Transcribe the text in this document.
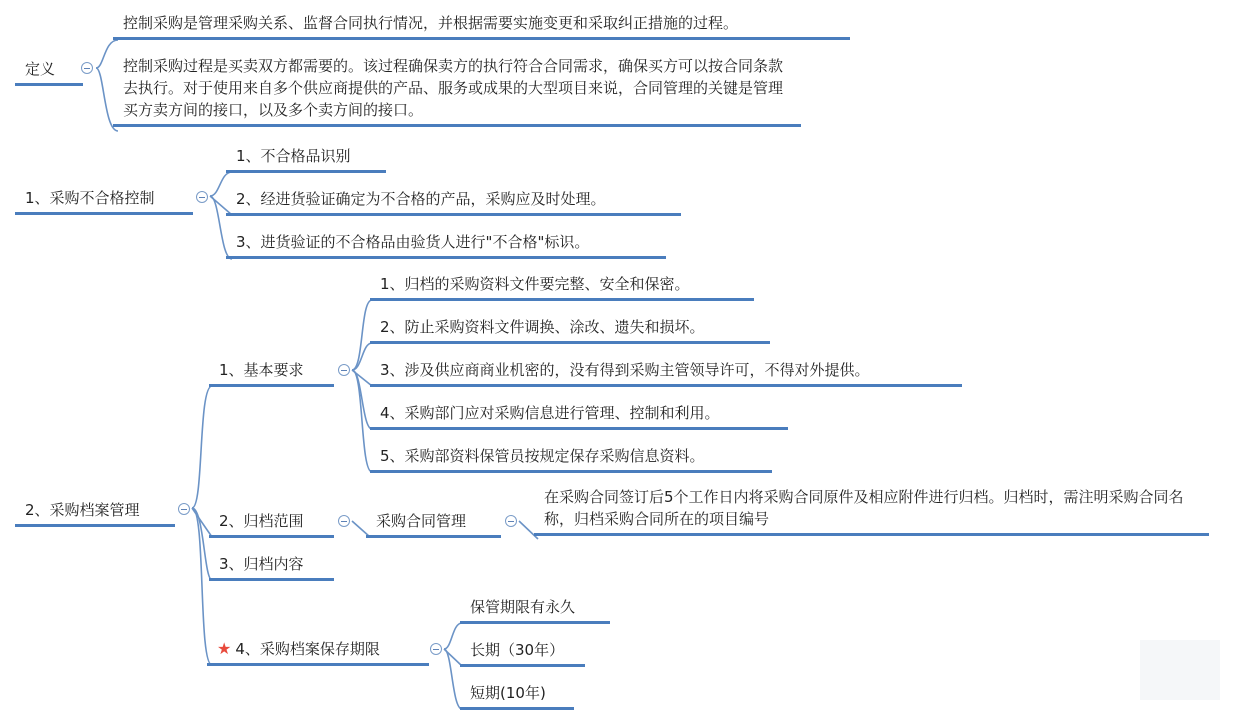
定义
控制采购是管理采购关系、监督合同执行情况，并根据需要实施变更和采取纠正措施的过程。
控制采购过程是买卖双方都需要的。该过程确保卖方的执行符合合同需求，确保买方可以按合同条款去执行。对于使用来自多个供应商提供的产品、服务或成果的大型项目来说，合同管理的关键是管理买方卖方间的接口，以及多个卖方间的接口。
1、采购不合格控制
1、不合格品识别
2、经进货验证确定为不合格的产品，采购应及时处理。
3、进货验证的不合格品由验货人进行"不合格"标识。
2、采购档案管理
1、基本要求
1、归档的采购资料文件要完整、安全和保密。
2、防止采购资料文件调换、涂改、遗失和损坏。
3、涉及供应商商业机密的，没有得到采购主管领导许可，不得对外提供。
4、采购部门应对采购信息进行管理、控制和利用。
5、采购部资料保管员按规定保存采购信息资料。
2、归档范围	采购合同管理
在采购合同签订后5个工作日内将采购合同原件及相应附件进行归档。归档时，需注明采购合同名称，归档采购合同所在的项目编号
3、归档内容
★ 4、采购档案保存期限
保管期限有永久
长期（30年）
短期(10年)
